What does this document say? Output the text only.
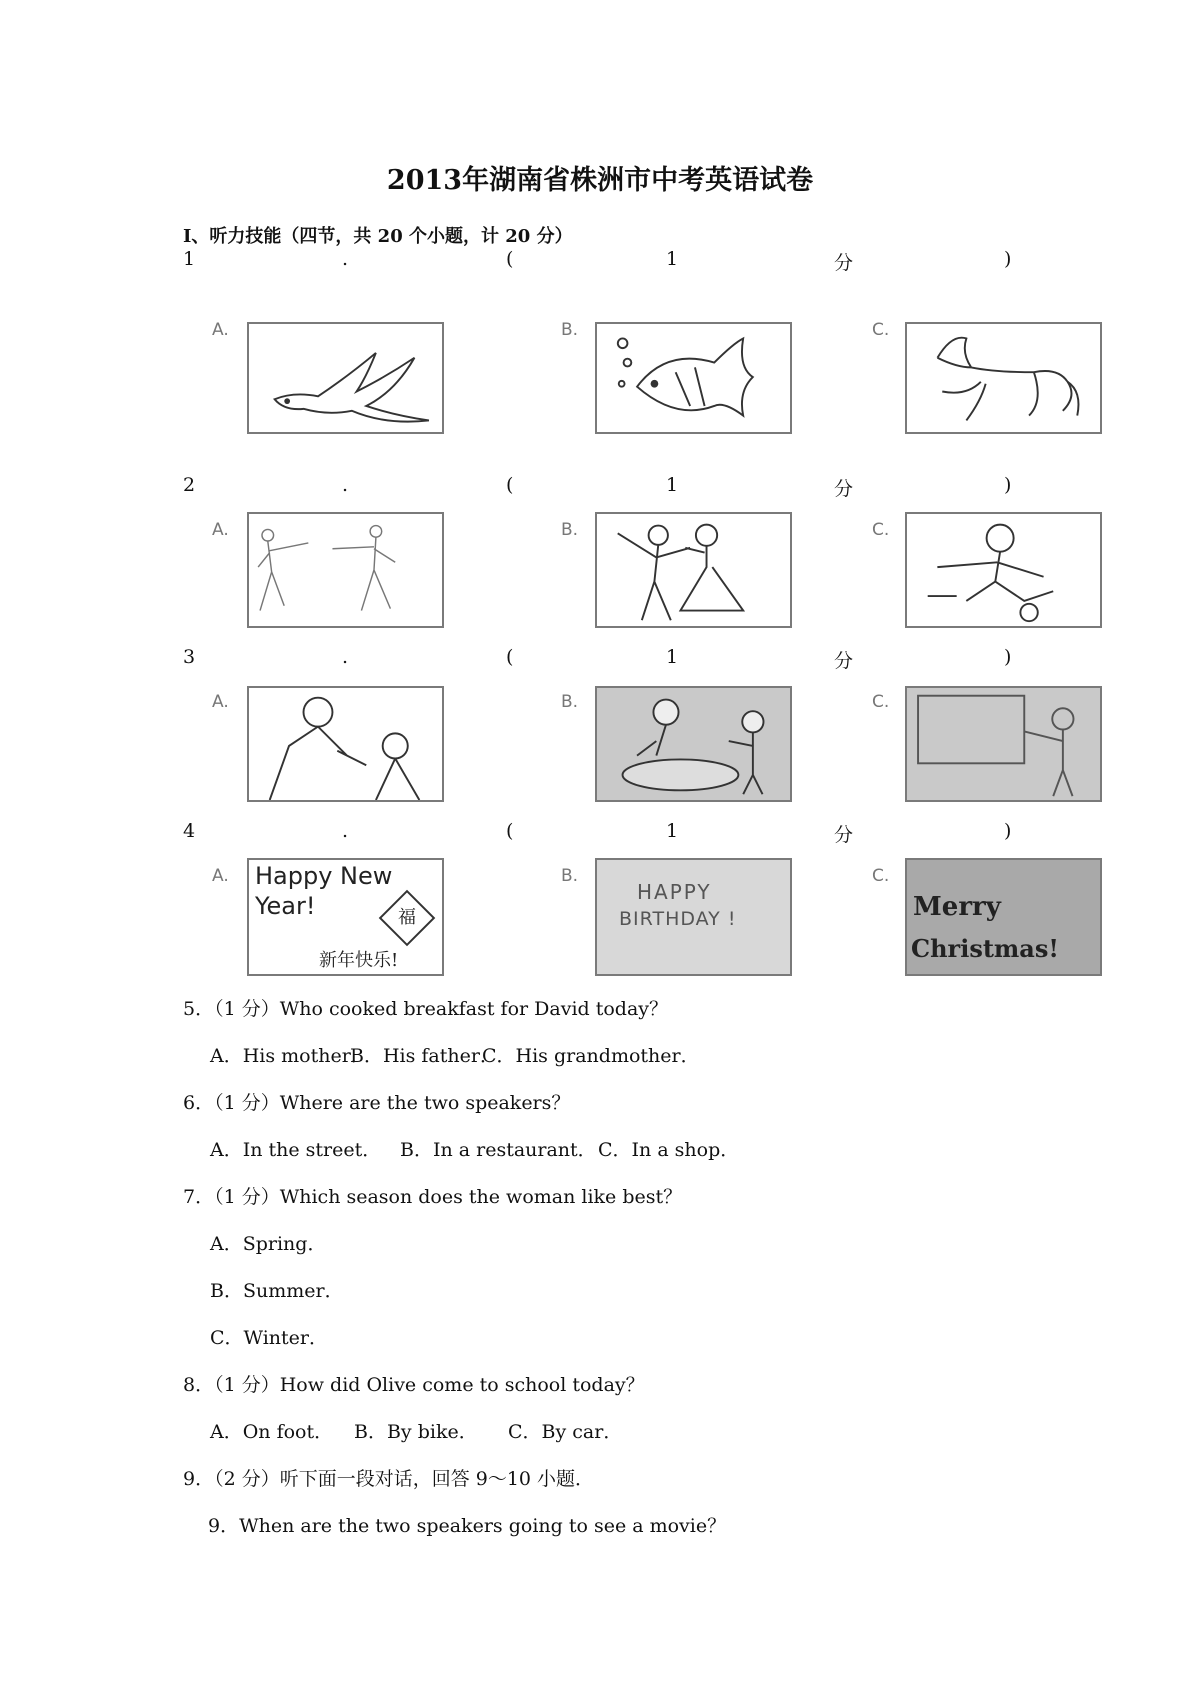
2013年湖南省株洲市中考英语试卷
I、听力技能（四节，共 20 个小题，计 20 分）
1	.	(	1	分	)
A.	B.	C.
2	.	(	1	分	)
A.	B.	C.
3	.	(	1	分	)
A.	B.	C.
4	.	(	1	分	)
A. Happy New
Year!	福
新年快乐!
B.
HAPPY
BIRTHDAY !
C.
Merry
Christmas!
5．（1 分）Who cooked breakfast for David today？
A．His mother．
B．His father．
C．His grandmother．
6．（1 分）Where are the two speakers？
A．In the street． B．In a restaurant． C．In a shop．
7．（1 分）Which season does the woman like best？
A．Spring．
B．Summer．
C．Winter．
8．（1 分）How did Olive come to school today？
A．On foot． B．By bike． C．By car．
9．（2 分）听下面一段对话，回答 9～10 小题．
9．When are the two speakers going to see a movie？
